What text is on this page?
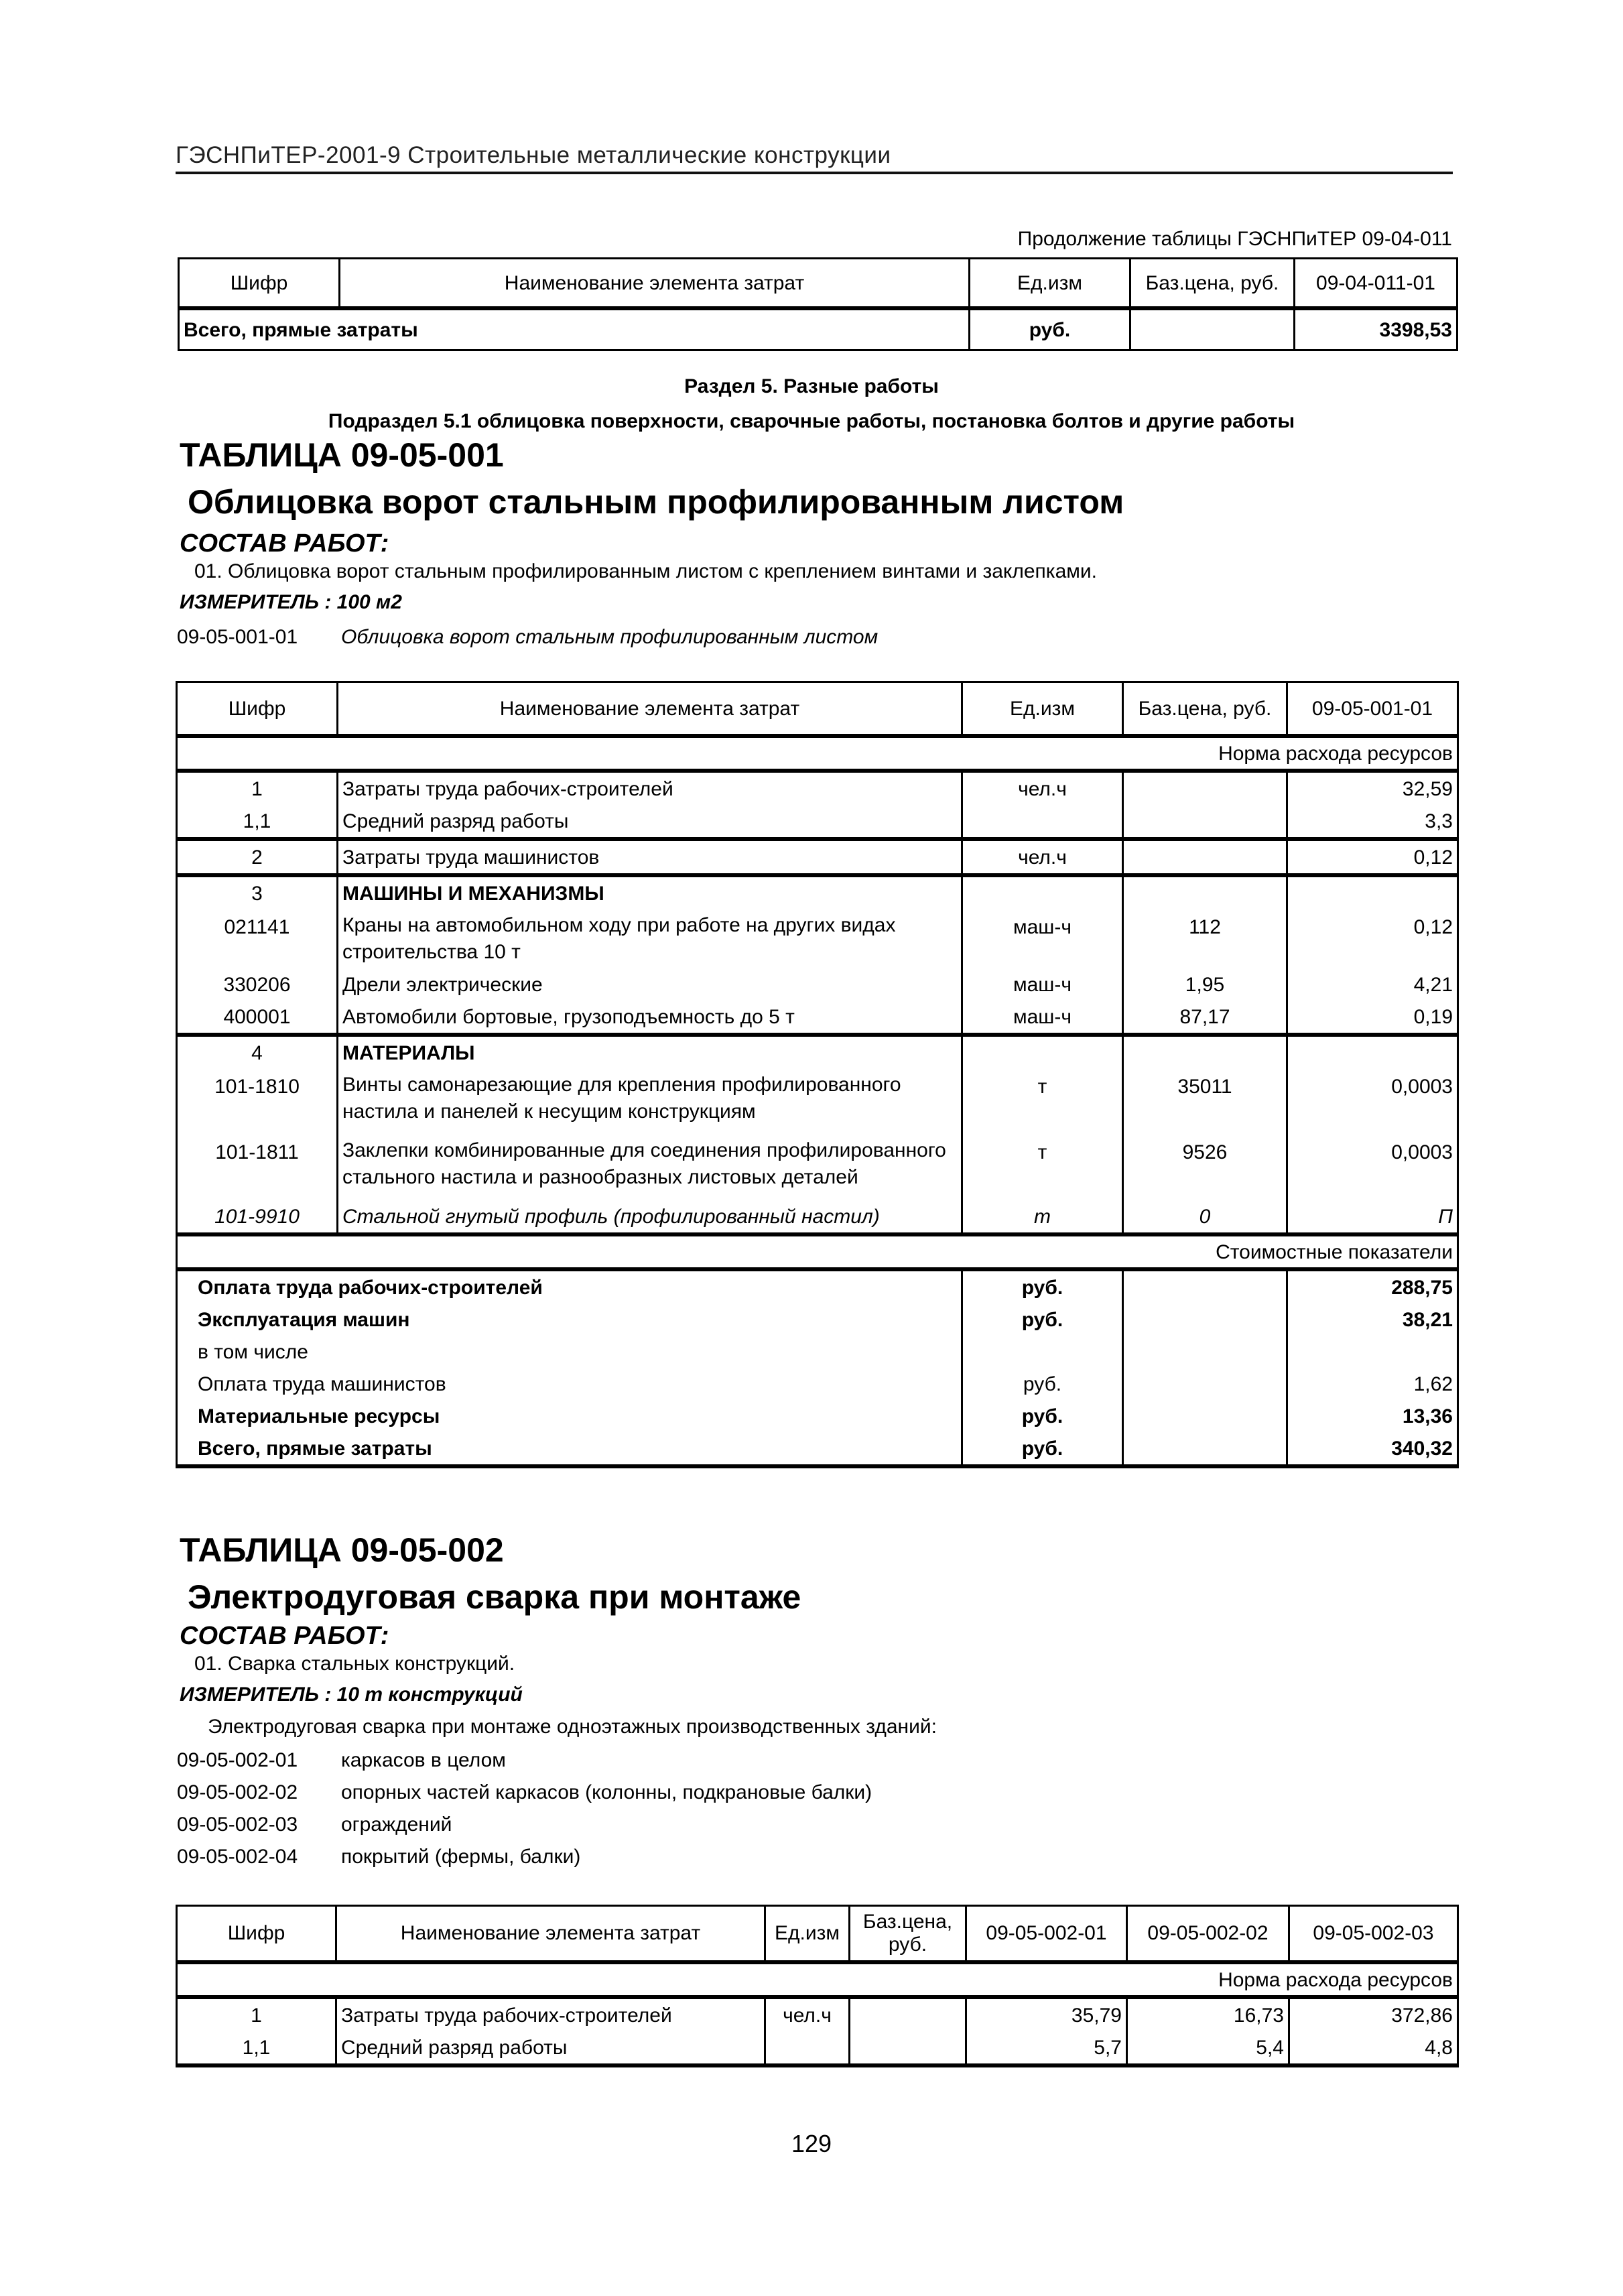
ГЭСНПиТЕР-2001-9 Строительные металлические конструкции
Продолжение таблицы ГЭСНПиТЕР 09-04-011
Шифр	Наименование элемента затрат	Ед.изм	Баз.цена, руб.	09-04-011-01
Всего, прямые затраты		руб.		3398,53
Раздел 5. Разные работы
Подраздел 5.1 облицовка поверхности, сварочные работы, постановка болтов и другие работы
ТАБЛИЦА 09-05-001
Облицовка ворот стальным профилированным листом
СОСТАВ РАБОТ:
01. Облицовка ворот стальным профилированным листом с креплением винтами и заклепками.
ИЗМЕРИТЕЛЬ : 100 м2
09-05-001-01 Облицовка ворот стальным профилированным листом
Шифр	Наименование элемента затрат	Ед.изм	Баз.цена, руб.	09-05-001-01
Норма расхода ресурсов				
1	Затраты труда рабочих-строителей	чел.ч		32,59
1,1	Средний разряд работы			3,3
2	Затраты труда машинистов	чел.ч		0,12
3	МАШИНЫ И МЕХАНИЗМЫ			
021141	Краны на автомобильном ходу при работе на других видах строительства 10 т	маш-ч	112	0,12
330206	Дрели электрические	маш-ч	1,95	4,21
400001	Автомобили бортовые, грузоподъемность до 5 т	маш-ч	87,17	0,19
4	МАТЕРИАЛЫ			
101-1810	Винты самонарезающие для крепления профилированного настила и панелей к несущим конструкциям	т	35011	0,0003
101-1811	Заклепки комбинированные для соединения профилированного стального настила и разнообразных листовых деталей	т	9526	0,0003
101-9910	Стальной гнутый профиль (профилированный настил)	т	0	П
Стоимостные показатели				
Оплата труда рабочих-строителей		руб.		288,75
Эксплуатация машин		руб.		38,21
в том числе				
Оплата труда машинистов		руб.		1,62
Материальные ресурсы		руб.		13,36
Всего, прямые затраты		руб.		340,32
ТАБЛИЦА 09-05-002
Электродуговая сварка при монтаже
СОСТАВ РАБОТ:
01. Сварка стальных конструкций.
ИЗМЕРИТЕЛЬ : 10 т конструкций
Электродуговая сварка при монтаже одноэтажных производственных зданий:
09-05-002-01 каркасов в целом
09-05-002-02 опорных частей каркасов (колонны, подкрановые балки)
09-05-002-03 ограждений
09-05-002-04 покрытий (фермы, балки)
Шифр	Наименование элемента затрат	Ед.изм	Баз.цена, руб.	09-05-002-01	09-05-002-02	09-05-002-03
Норма расхода ресурсов						
1	Затраты труда рабочих-строителей	чел.ч		35,79	16,73	372,86
1,1	Средний разряд работы			5,7	5,4	4,8
129
